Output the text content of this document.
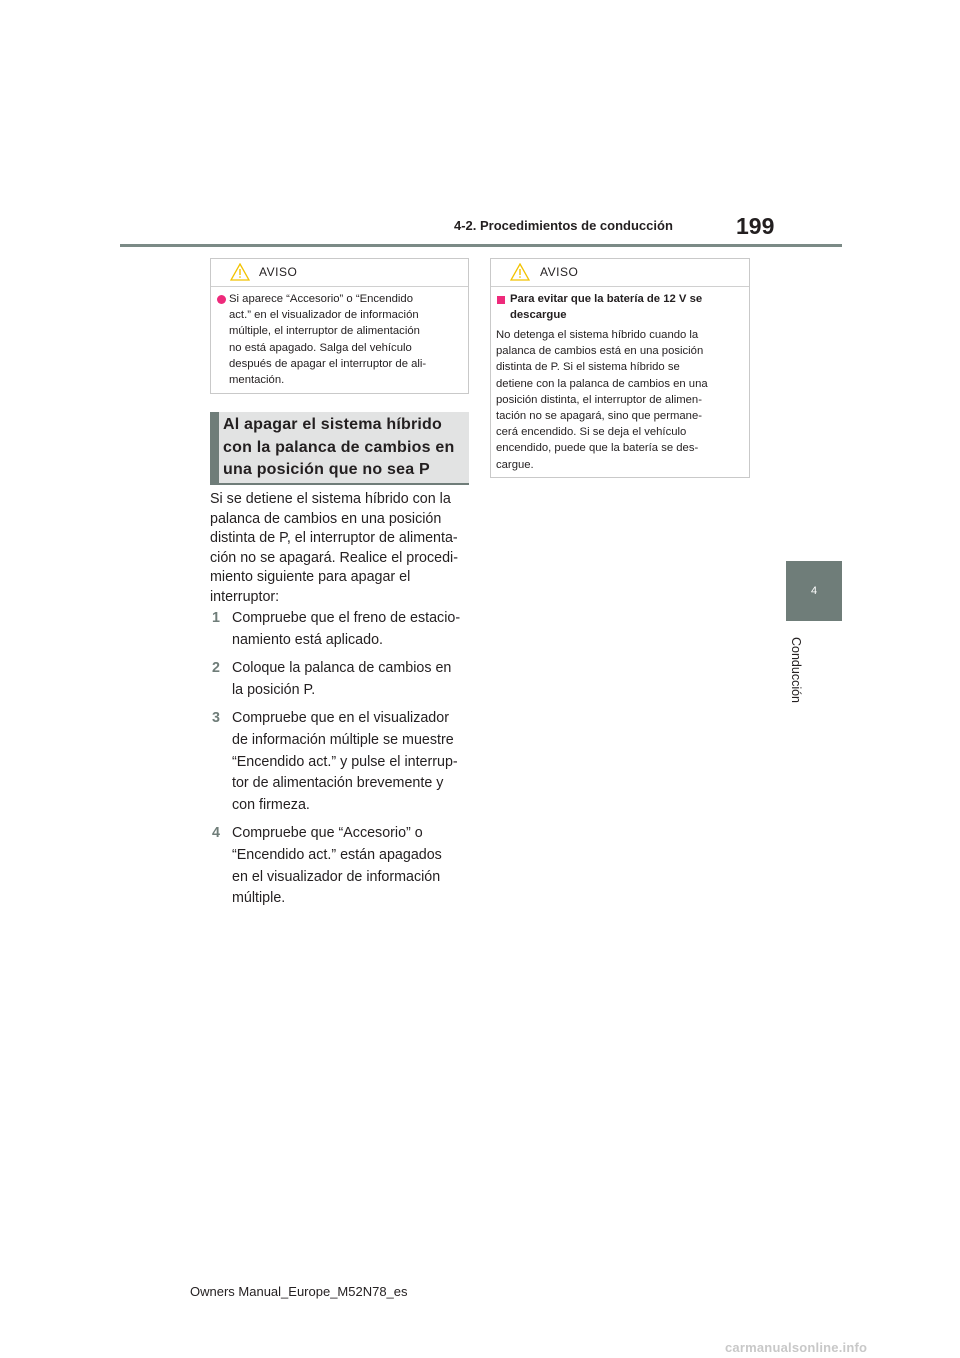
4-2. Procedimientos de conducción	199
4
Conducción
AVISO
Si aparece “Accesorio” o “Encendido
act.” en el visualizador de información
múltiple, el interruptor de alimentación
no está apagado. Salga del vehículo
después de apagar el interruptor de ali-
mentación.
Al apagar el sistema híbrido
con la palanca de cambios en
una posición que no sea P
Si se detiene el sistema híbrido con la
palanca de cambios en una posición
distinta de P, el interruptor de alimenta-
ción no se apagará. Realice el procedi-
miento siguiente para apagar el
interruptor:
1 Compruebe que el freno de estacio-
namiento está aplicado.
2 Coloque la palanca de cambios en
la posición P.
3 Compruebe que en el visualizador
de información múltiple se muestre
“Encendido act.” y pulse el interrup-
tor de alimentación brevemente y
con firmeza.
4 Compruebe que “Accesorio” o
“Encendido act.” están apagados
en el visualizador de información
múltiple.
AVISO
Para evitar que la batería de 12 V se
descargue
No detenga el sistema híbrido cuando la
palanca de cambios está en una posición
distinta de P. Si el sistema híbrido se
detiene con la palanca de cambios en una
posición distinta, el interruptor de alimen-
tación no se apagará, sino que permane-
cerá encendido. Si se deja el vehículo
encendido, puede que la batería se des-
cargue.
Owners Manual_Europe_M52N78_es
carmanualsonline.info
